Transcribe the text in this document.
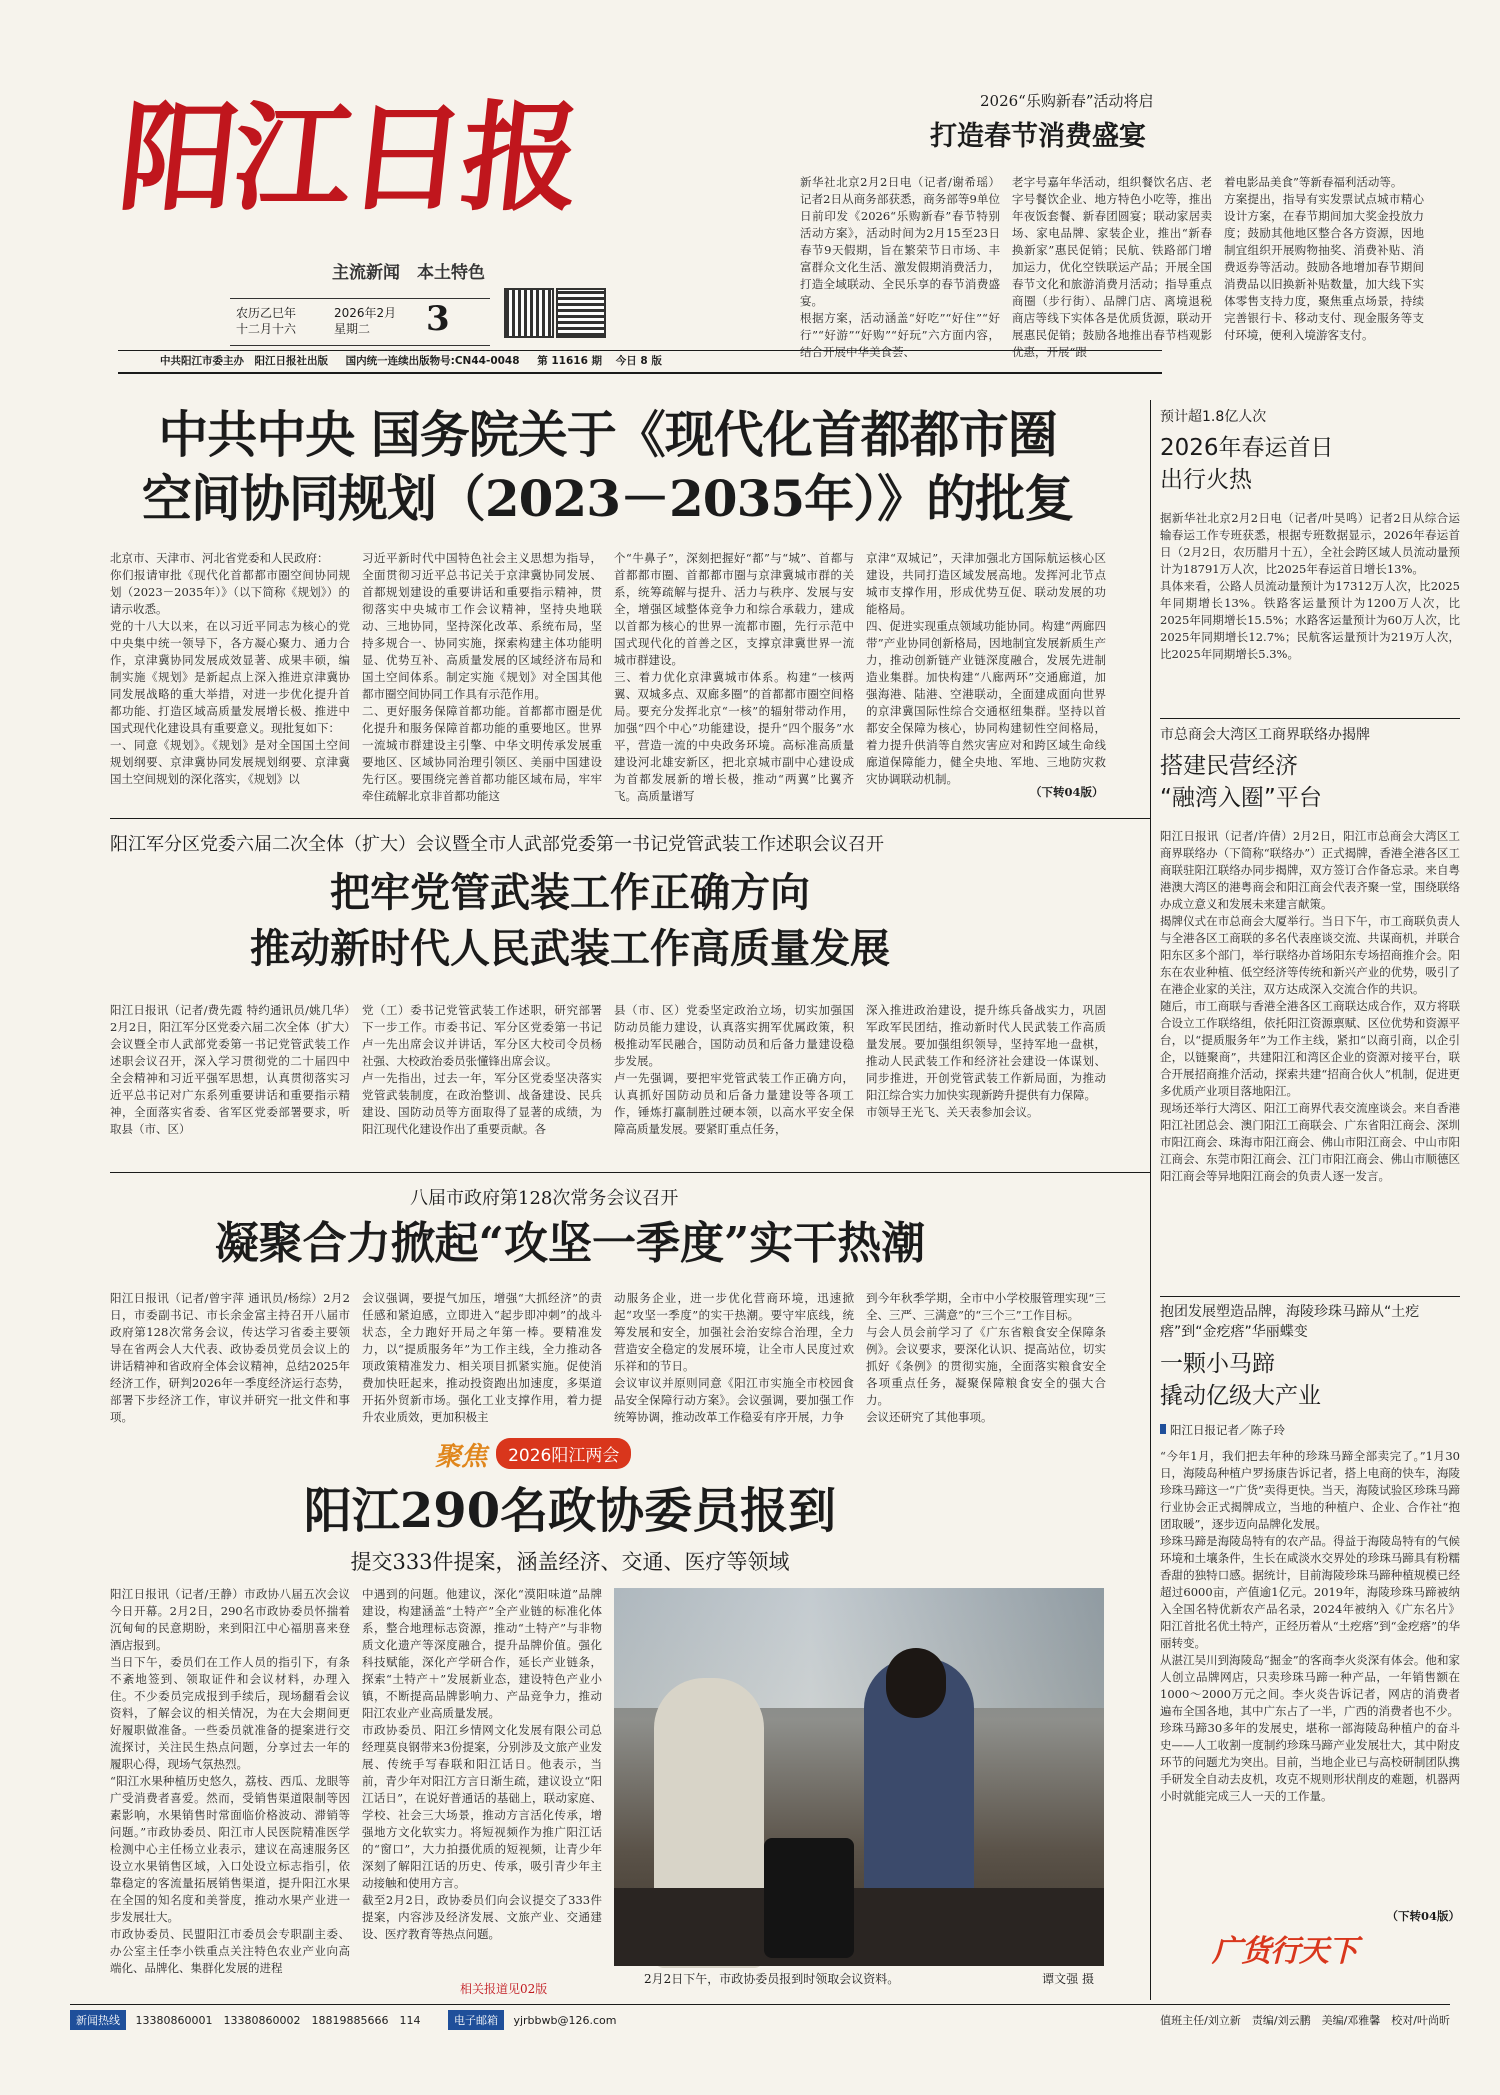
阳江日报
主流新闻　本土特色
农历乙巳年 十二月十六
2026年2月 星期二	3
中共阳江市委主办　阳江日报社出版 国内统一连续出版物号:CN44-0048 第 11616 期 今日 8 版
2026“乐购新春”活动将启
打造春节消费盛宴
新华社北京2月2日电（记者/谢希瑶）记者2日从商务部获悉，商务部等9单位日前印发《2026“乐购新春”春节特别活动方案》，活动时间为2月15至23日春节9天假期，旨在繁荣节日市场、丰富群众文化生活、激发假期消费活力，打造全域联动、全民乐享的春节消费盛宴。
根据方案，活动涵盖“好吃”“好住”“好行”“好游”“好购”“好玩”六方面内容，结合开展中华美食荟、
老字号嘉年华活动，组织餐饮名店、老字号餐饮企业、地方特色小吃等，推出年夜饭套餐、新春团圆宴；联动家居卖场、家电品牌、家装企业，推出“新春换新家”惠民促销；民航、铁路部门增加运力，优化空铁联运产品；开展全国春节文化和旅游消费月活动；指导重点商圈（步行街）、品牌门店、离境退税商店等线下实体各是优质货源，联动开展惠民促销；鼓励各地推出春节档观影优惠，开展“跟
着电影品美食”等新春福利活动等。
方案提出，指导有实发票试点城市精心设计方案，在春节期间加大奖金投放力度；鼓励其他地区整合各方资源，因地制宜组织开展购物抽奖、消费补贴、消费返券等活动。鼓励各地增加春节期间消费品以旧换新补贴数量，加大线下实体零售支持力度，聚焦重点场景，持续完善银行卡、移动支付、现金服务等支付环境，便利入境游客支付。
中共中央 国务院关于《现代化首都都市圈
空间协同规划（2023－2035年）》的批复
北京市、天津市、河北省党委和人民政府：
你们报请审批《现代化首都都市圈空间协同规划（2023－2035年）》（以下简称《规划》）的请示收悉。
党的十八大以来，在以习近平同志为核心的党中央集中统一领导下，各方凝心聚力、通力合作，京津冀协同发展成效显著、成果丰硕，编制实施《规划》是新起点上深入推进京津冀协同发展战略的重大举措，对进一步优化提升首都功能、打造区域高质量发展增长极、推进中国式现代化建设具有重要意义。现批复如下：
一、同意《规划》。《规划》是对全国国土空间规划纲要、京津冀协同发展规划纲要、京津冀国土空间规划的深化落实，《规划》以
习近平新时代中国特色社会主义思想为指导，全面贯彻习近平总书记关于京津冀协同发展、首都规划建设的重要讲话和重要指示精神，贯彻落实中央城市工作会议精神，坚持央地联动、三地协同，坚持深化改革、系统布局，坚持多规合一、协同实施，探索构建主体功能明显、优势互补、高质量发展的区域经济布局和国土空间体系。制定实施《规划》对全国其他都市圈空间协同工作具有示范作用。
二、更好服务保障首都功能。首都都市圈是优化提升和服务保障首都功能的重要地区。世界一流城市群建设主引擎、中华文明传承发展重要地区、区域协同治理引领区、美丽中国建设先行区。要围绕完善首都功能区域布局，牢牢牵住疏解北京非首都功能这
个“牛鼻子”，深刻把握好“都”与“城”、首都与首都都市圈、首都都市圈与京津冀城市群的关系，统筹疏解与提升、活力与秩序、发展与安全，增强区域整体竞争力和综合承载力，建成以首都为核心的世界一流都市圈，先行示范中国式现代化的首善之区，支撑京津冀世界一流城市群建设。
三、着力优化京津冀城市体系。构建“一核两翼、双城多点、双廊多圈”的首都都市圈空间格局。要充分发挥北京“一核”的辐射带动作用，加强“四个中心”功能建设，提升“四个服务”水平，营造一流的中央政务环境。高标准高质量建设河北雄安新区，把北京城市副中心建设成为首都发展新的增长极，推动“两翼”比翼齐飞。高质量谱写
京津“双城记”，天津加强北方国际航运核心区建设，共同打造区域发展高地。发挥河北节点城市支撑作用，形成优势互促、联动发展的功能格局。
四、促进实现重点领域功能协同。构建“两廊四带”产业协同创新格局，因地制宜发展新质生产力，推动创新链产业链深度融合，发展先进制造业集群。加快构建“八廊两环”交通廊道，加强海港、陆港、空港联动，全面建成面向世界的京津冀国际性综合交通枢纽集群。坚持以首都安全保障为核心，协同构建韧性空间格局，着力提升供消等自然灾害应对和跨区域生命线廊道保障能力，健全央地、军地、三地防灾救灾协调联动机制。
（下转04版）
阳江军分区党委六届二次全体（扩大）会议暨全市人武部党委第一书记党管武装工作述职会议召开
把牢党管武装工作正确方向
推动新时代人民武装工作高质量发展
阳江日报讯（记者/费先霞 特约通讯员/姚几华）2月2日，阳江军分区党委六届二次全体（扩大）会议暨全市人武部党委第一书记党管武装工作述职会议召开，深入学习贯彻党的二十届四中全会精神和习近平强军思想，认真贯彻落实习近平总书记对广东系列重要讲话和重要指示精神，全面落实省委、省军区党委部署要求，听取县（市、区）
党（工）委书记党管武装工作述职，研究部署下一步工作。市委书记、军分区党委第一书记卢一先出席会议并讲话，军分区大校司令员杨社强、大校政治委员张懂锋出席会议。
卢一先指出，过去一年，军分区党委坚决落实党管武装制度，在政治整训、战备建设、民兵建设、国防动员等方面取得了显著的成绩，为阳江现代化建设作出了重要贡献。各
县（市、区）党委坚定政治立场，切实加强国防动员能力建设，认真落实拥军优属政策，积极推动军民融合，国防动员和后备力量建设稳步发展。
卢一先强调，要把牢党管武装工作正确方向，认真抓好国防动员和后备力量建设等各项工作，锤炼打赢制胜过硬本领，以高水平安全保障高质量发展。要紧盯重点任务，
深入推进政治建设，提升练兵备战实力，巩固军政军民团结，推动新时代人民武装工作高质量发展。要加强组织领导，坚持军地一盘棋，推动人民武装工作和经济社会建设一体谋划、同步推进，开创党管武装工作新局面，为推动阳江综合实力加快实现新跨升提供有力保障。
市领导王光飞、关天表参加会议。
八届市政府第128次常务会议召开
凝聚合力掀起“攻坚一季度”实干热潮
阳江日报讯（记者/曾宇萍 通讯员/杨综）2月2日，市委副书记、市长余金富主持召开八届市政府第128次常务会议，传达学习省委主要领导在省两会人大代表、政协委员党员会议上的讲话精神和省政府全体会议精神，总结2025年经济工作，研判2026年一季度经济运行态势，部署下步经济工作，审议并研究一批文件和事项。
会议强调，要提气加压，增强“大抓经济”的责任感和紧迫感，立即进入“起步即冲刺”的战斗状态，全力跑好开局之年第一棒。要精准发力，以“提质服务年”为工作主线，全力推动各项政策精准发力、相关项目抓紧实施。促使消费加快旺起来，推动投资跑出加速度，多渠道开拓外贸新市场。强化工业支撑作用，着力提升农业质效，更加积极主
动服务企业，进一步优化营商环境，迅速掀起“攻坚一季度”的实干热潮。要守牢底线，统筹发展和安全，加强社会治安综合治理，全力营造安全稳定的发展环境，让全市人民度过欢乐祥和的节日。
会议审议并原则同意《阳江市实施全市校园食品安全保障行动方案》。会议强调，要加强工作统筹协调，推动改革工作稳妥有序开展，力争
到今年秋季学期，全市中小学校服管理实现“三全、三严、三满意”的“三个三”工作目标。
与会人员会前学习了《广东省粮食安全保障条例》。会议要求，要深化认识、提高站位，切实抓好《条例》的贯彻实施，全面落实粮食安全各项重点任务，凝聚保障粮食安全的强大合力。
会议还研究了其他事项。
聚焦 2026阳江两会
阳江290名政协委员报到
提交333件提案，涵盖经济、交通、医疗等领域
阳江日报讯（记者/王静）市政协八届五次会议今日开幕。2月2日，290名市政协委员怀揣着沉甸甸的民意期盼，来到阳江中心福朋喜来登酒店报到。
当日下午，委员们在工作人员的指引下，有条不紊地签到、领取证件和会议材料，办理入住。不少委员完成报到手续后，现场翻看会议资料，了解会议的相关情况，为在大会期间更好履职做准备。一些委员就准备的提案进行交流探讨，关注民生热点问题，分享过去一年的履职心得，现场气氛热烈。
“阳江水果种植历史悠久，荔枝、西瓜、龙眼等广受消费者喜爱。然而，受销售渠道限制等因素影响，水果销售时常面临价格波动、滞销等问题。”市政协委员、阳江市人民医院精准医学检测中心主任杨立业表示，建议在高速服务区设立水果销售区域，入口处设立标志指引，依靠稳定的客流量拓展销售渠道，提升阳江水果在全国的知名度和美誉度，推动水果产业进一步发展壮大。
市政协委员、民盟阳江市委员会专职副主委、办公室主任李小铁重点关注特色农业产业向高端化、品牌化、集群化发展的进程
中遇到的问题。他建议，深化“漠阳味道”品牌建设，构建涵盖“土特产”全产业链的标准化体系，整合地理标志资源，推动“土特产”与非物质文化遗产等深度融合，提升品牌价值。强化科技赋能，深化产学研合作，延长产业链条，探索“土特产＋”发展新业态，建设特色产业小镇，不断提高品牌影响力、产品竞争力，推动阳江农业产业高质量发展。
市政协委员、阳江乡情网文化发展有限公司总经理莫良钢带来3份提案，分别涉及文旅产业发展、传统手写春联和阳江话日。他表示，当前，青少年对阳江方言日渐生疏，建议设立“阳江话日”，在说好普通话的基础上，联动家庭、学校、社会三大场景，推动方言活化传承，增强地方文化软实力。将短视频作为推广阳江话的“窗口”，大力拍摄优质的短视频，让青少年深刻了解阳江话的历史、传承，吸引青少年主动接触和使用方言。
截至2月2日，政协委员们向会议提交了333件提案，内容涉及经济发展、文旅产业、交通建设、医疗教育等热点问题。
相关报道见02版
2月2日下午，市政协委员报到时领取会议资料。	谭文强 摄
预计超1.8亿人次
2026年春运首日
出行火热
据新华社北京2月2日电（记者/叶昊鸣）记者2日从综合运输春运工作专班获悉，根据专班数据显示，2026年春运首日（2月2日，农历腊月十五），全社会跨区域人员流动量预计为18791万人次，比2025年春运首日增长13%。
具体来看，公路人员流动量预计为17312万人次，比2025年同期增长13%。铁路客运量预计为1200万人次，比2025年同期增长15.5%；水路客运量预计为60万人次，比2025年同期增长12.7%；民航客运量预计为219万人次，比2025年同期增长5.3%。
市总商会大湾区工商界联络办揭牌
搭建民营经济
“融湾入圈”平台
阳江日报讯（记者/许倩）2月2日，阳江市总商会大湾区工商界联络办（下简称“联络办”）正式揭牌，香港全港各区工商联驻阳江联络办同步揭牌，双方签订合作备忘录。来自粤港澳大湾区的港粤商会和阳江商会代表齐聚一堂，围绕联络办成立意义和发展未来建言献策。
揭牌仪式在市总商会大厦举行。当日下午，市工商联负责人与全港各区工商联的多名代表座谈交流、共谋商机，并联合阳东区多个部门，举行联络办首场阳东专场招商推介会。阳东在农业种植、低空经济等传统和新兴产业的优势，吸引了在港企业家的关注，双方达成深入交流合作的共识。
随后，市工商联与香港全港各区工商联达成合作，双方将联合设立工作联络组，依托阳江资源禀赋、区位优势和资源平台，以“提质服务年”为工作主线，紧扣“以商引商，以企引企，以链聚商”，共建阳江和湾区企业的资源对接平台，联合开展招商推介活动，探索共建“招商合伙人”机制，促进更多优质产业项目落地阳江。
现场还举行大湾区、阳江工商界代表交流座谈会。来自香港阳江社团总会、澳门阳江工商联会、广东省阳江商会、深圳市阳江商会、珠海市阳江商会、佛山市阳江商会、中山市阳江商会、东莞市阳江商会、江门市阳江商会、佛山市顺德区阳江商会等异地阳江商会的负责人逐一发言。
抱团发展塑造品牌，海陵珍珠马蹄从“土疙瘩”到“金疙瘩”华丽蝶变
一颗小马蹄
撬动亿级大产业
阳江日报记者／陈子玲
“今年1月，我们把去年种的珍珠马蹄全部卖完了。”1月30日，海陵岛种植户罗扬康告诉记者，搭上电商的快车，海陵珍珠马蹄这一“广货”卖得更快。当天，海陵试验区珍珠马蹄行业协会正式揭牌成立，当地的种植户、企业、合作社“抱团取暖”，逐步迈向品牌化发展。
珍珠马蹄是海陵岛特有的农产品。得益于海陵岛特有的气候环境和土壤条件，生长在咸淡水交界处的珍珠马蹄具有粉糯香甜的独特口感。据统计，目前海陵珍珠马蹄种植规模已经超过6000亩，产值逾1亿元。2019年，海陵珍珠马蹄被纳入全国名特优新农产品名录，2024年被纳入《广东名片》阳江首批名优土特产，正经历着从“土疙瘩”到“金疙瘩”的华丽转变。
从湛江吴川到海陵岛“掘金”的客商李火炎深有体会。他和家人创立品牌网店，只卖珍珠马蹄一种产品，一年销售额在1000～2000万元之间。李火炎告诉记者，网店的消费者遍布全国各地，其中广东占了一半，广西的消费者也不少。
珍珠马蹄30多年的发展史，堪称一部海陵岛种植户的奋斗史——人工收割一度制约珍珠马蹄产业发展壮大，其中附皮环节的问题尤为突出。目前，当地企业已与高校研制团队携手研发全自动去皮机，攻克不规则形状削皮的难题，机器两小时就能完成三人一天的工作量。
（下转04版）
广货行天下
新闻热线 13380860001　13380860002　18819885666　114	电子邮箱 yjrbbwb@126.com	值班主任/刘立新　责编/刘云鹏　美编/邓雅馨　校对/叶尚昕
